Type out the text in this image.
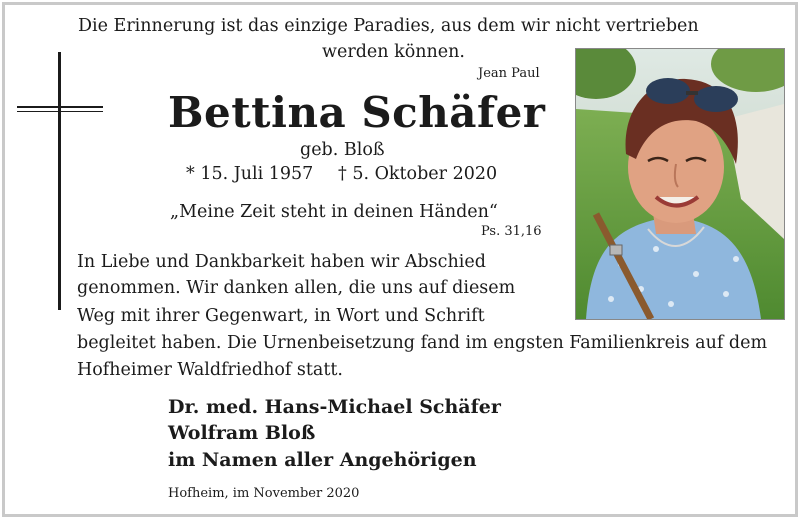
Die Erinnerung ist das einzige Paradies, aus dem wir nicht vertrieben
werden können.
Jean Paul
Bettina Schäfer
geb. Bloß
* 15. Juli 1957 † 5. Oktober 2020
„Meine Zeit steht in deinen Händen“
Ps. 31,16
In Liebe und Dankbarkeit haben wir Abschied
genommen. Wir danken allen, die uns auf diesem
Weg mit ihrer Gegenwart, in Wort und Schrift
begleitet haben. Die Urnenbeisetzung fand im engsten Familienkreis auf dem
Hofheimer Waldfriedhof statt.
Dr. med. Hans-Michael Schäfer
Wolfram Bloß
im Namen aller Angehörigen
Hofheim, im November 2020
